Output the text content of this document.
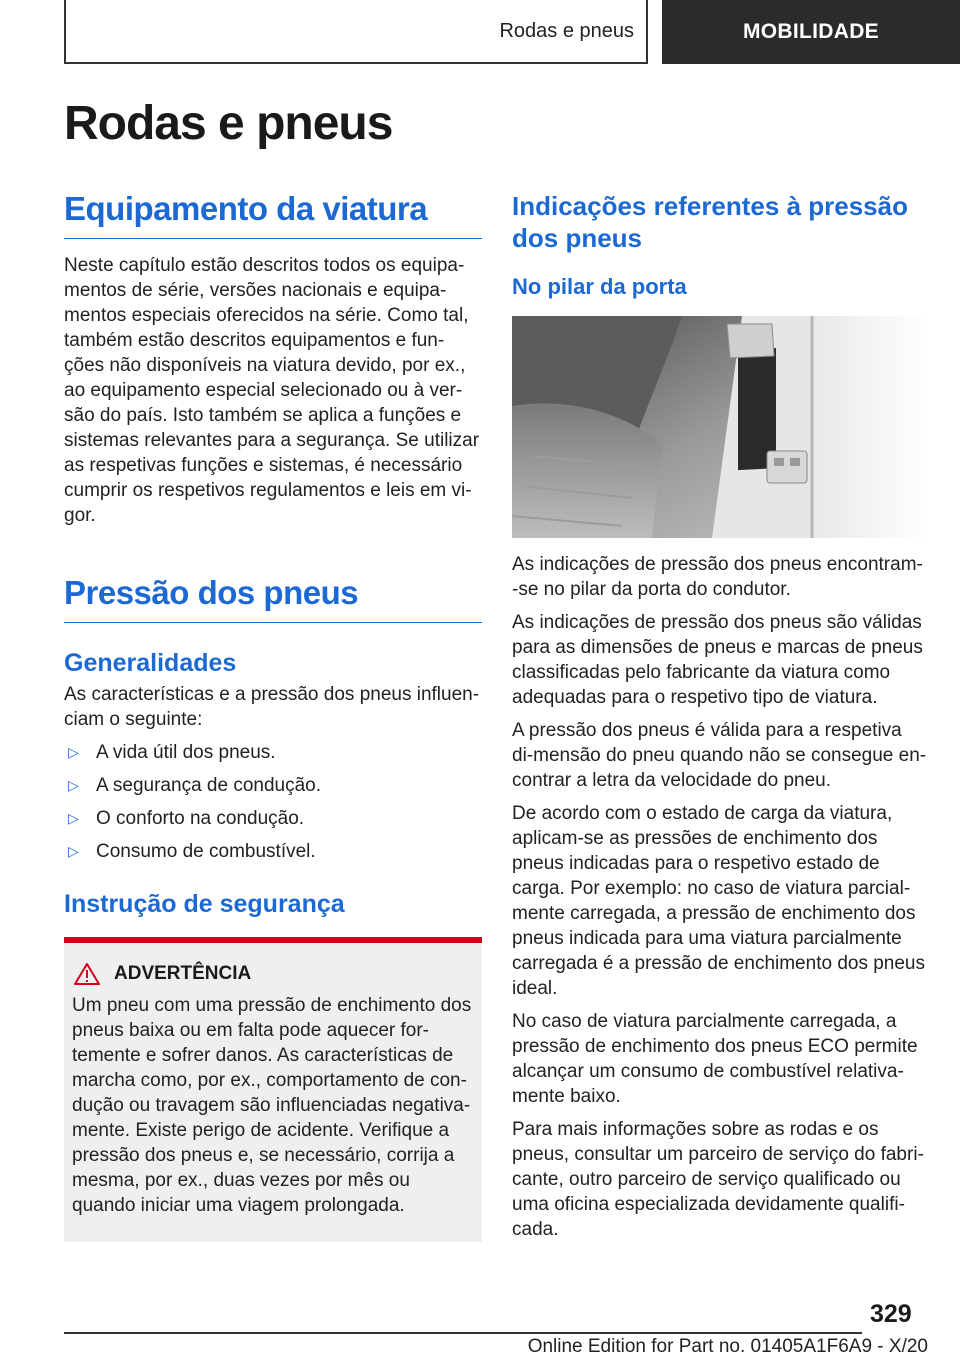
Rodas e pneus	MOBILIDADE
Rodas e pneus
Equipamento da viatura

Neste capítulo estão descritos todos os equipa-mentos de série, versões nacionais e equipa-mentos especiais oferecidos na série. Como tal, também estão descritos equipamentos e fun-ções não disponíveis na viatura devido, por ex., ao equipamento especial selecionado ou à ver-são do país. Isto também se aplica a funções e sistemas relevantes para a segurança. Se utilizar as respetivas funções e sistemas, é necessário cumprir os respetivos regulamentos e leis em vi-gor.

Pressão dos pneus
Generalidades

As características e a pressão dos pneus influen-ciam o seguinte:

▷ A vida útil dos pneus.
▷ A segurança de condução.
▷ O conforto na condução.
▷ Consumo de combustível.
Instrução de segurança
ADVERTÊNCIA

Um pneu com uma pressão de enchimento dos pneus baixa ou em falta pode aquecer for-temente e sofrer danos. As características de marcha como, por ex., comportamento de con-dução ou travagem são influenciadas negativa-mente. Existe perigo de acidente. Verifique a pressão dos pneus e, se necessário, corrija a mesma, por ex., duas vezes por mês ou quando iniciar uma viagem prolongada.

Indicações referentes à pressão dos pneus
No pilar da porta

As indicações de pressão dos pneus encontram--se no pilar da porta do condutor.

As indicações de pressão dos pneus são válidas para as dimensões de pneus e marcas de pneus classificadas pelo fabricante da viatura como adequadas para o respetivo tipo de viatura.

A pressão dos pneus é válida para a respetiva di-mensão do pneu quando não se consegue en-contrar a letra da velocidade do pneu.

De acordo com o estado de carga da viatura, aplicam-se as pressões de enchimento dos pneus indicadas para o respetivo estado de carga. Por exemplo: no caso de viatura parcial-mente carregada, a pressão de enchimento dos pneus indicada para uma viatura parcialmente carregada é a pressão de enchimento dos pneus ideal.

No caso de viatura parcialmente carregada, a pressão de enchimento dos pneus ECO permite alcançar um consumo de combustível relativa-mente baixo.

Para mais informações sobre as rodas e os pneus, consultar um parceiro de serviço do fabri-cante, outro parceiro de serviço qualificado ou uma oficina especializada devidamente qualifi-cada.

329
Online Edition for Part no. 01405A1F6A9 - X/20
